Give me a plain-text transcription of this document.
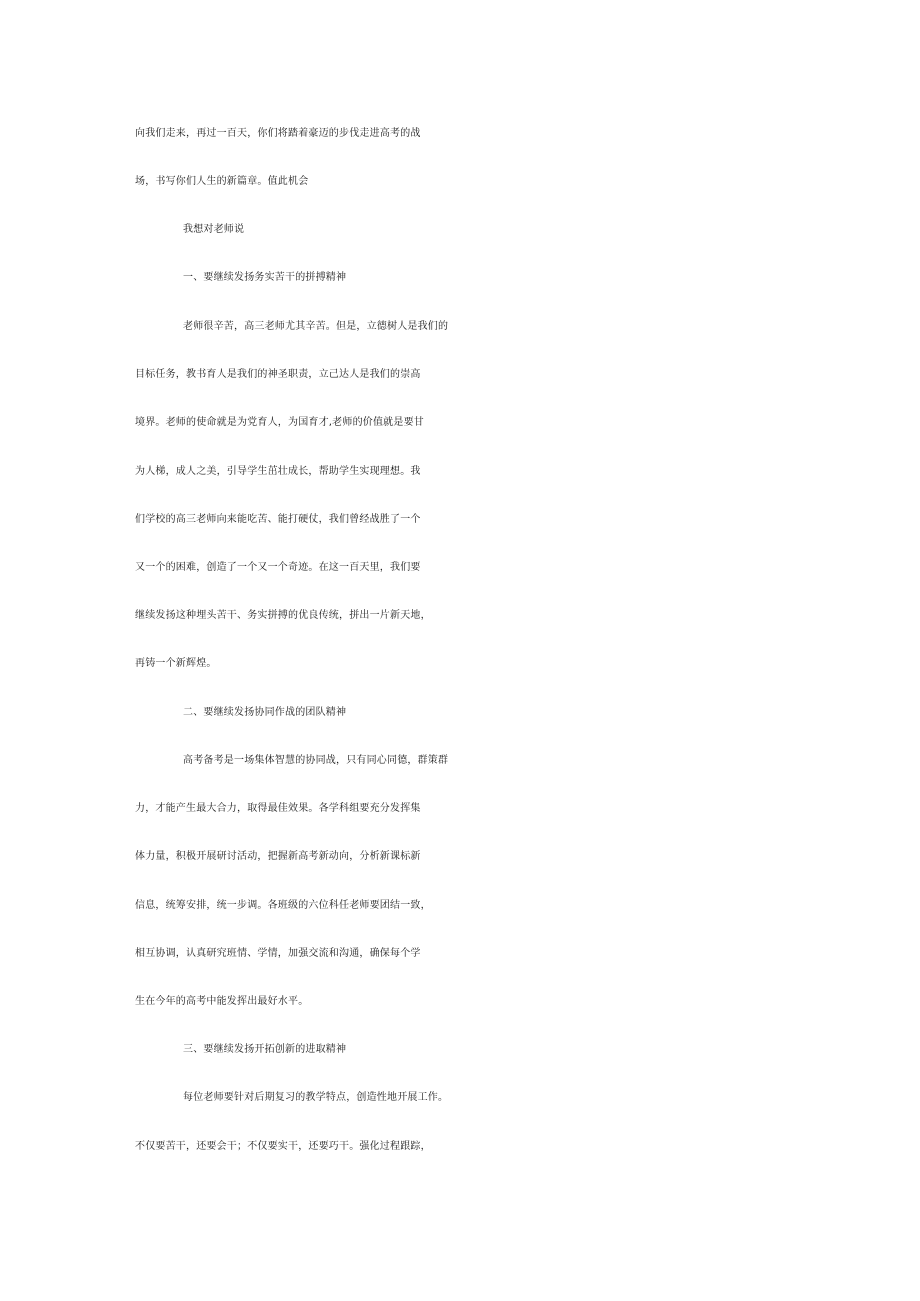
向我们走来，再过一百天，你们将踏着豪迈的步伐走进高考的战
场，书写你们人生的新篇章。值此机会
我想对老师说
一、要继续发扬务实苦干的拼搏精神
老师很辛苦，高三老师尤其辛苦。但是，立德树人是我们的
目标任务，教书育人是我们的神圣职责，立己达人是我们的崇高
境界。老师的使命就是为党育人，为国育才,老师的价值就是要甘
为人梯，成人之美，引导学生茁壮成长，帮助学生实现理想。我
们学校的高三老师向来能吃苦、能打硬仗，我们曾经战胜了一个
又一个的困难，创造了一个又一个奇迹。在这一百天里，我们要
继续发扬这种埋头苦干、务实拼搏的优良传统，拼出一片新天地，
再铸一个新辉煌。
二、要继续发扬协同作战的团队精神
高考备考是一场集体智慧的协同战，只有同心同德，群策群
力，才能产生最大合力，取得最佳效果。各学科组要充分发挥集
体力量，积极开展研讨活动，把握新高考新动向，分析新课标新
信息，统筹安排，统一步调。各班级的六位科任老师要团结一致，
相互协调，认真研究班情、学情，加强交流和沟通，确保每个学
生在今年的高考中能发挥出最好水平。
三、要继续发扬开拓创新的进取精神
每位老师要针对后期复习的教学特点，创造性地开展工作。
不仅要苦干，还要会干；不仅要实干，还要巧干。强化过程跟踪，
